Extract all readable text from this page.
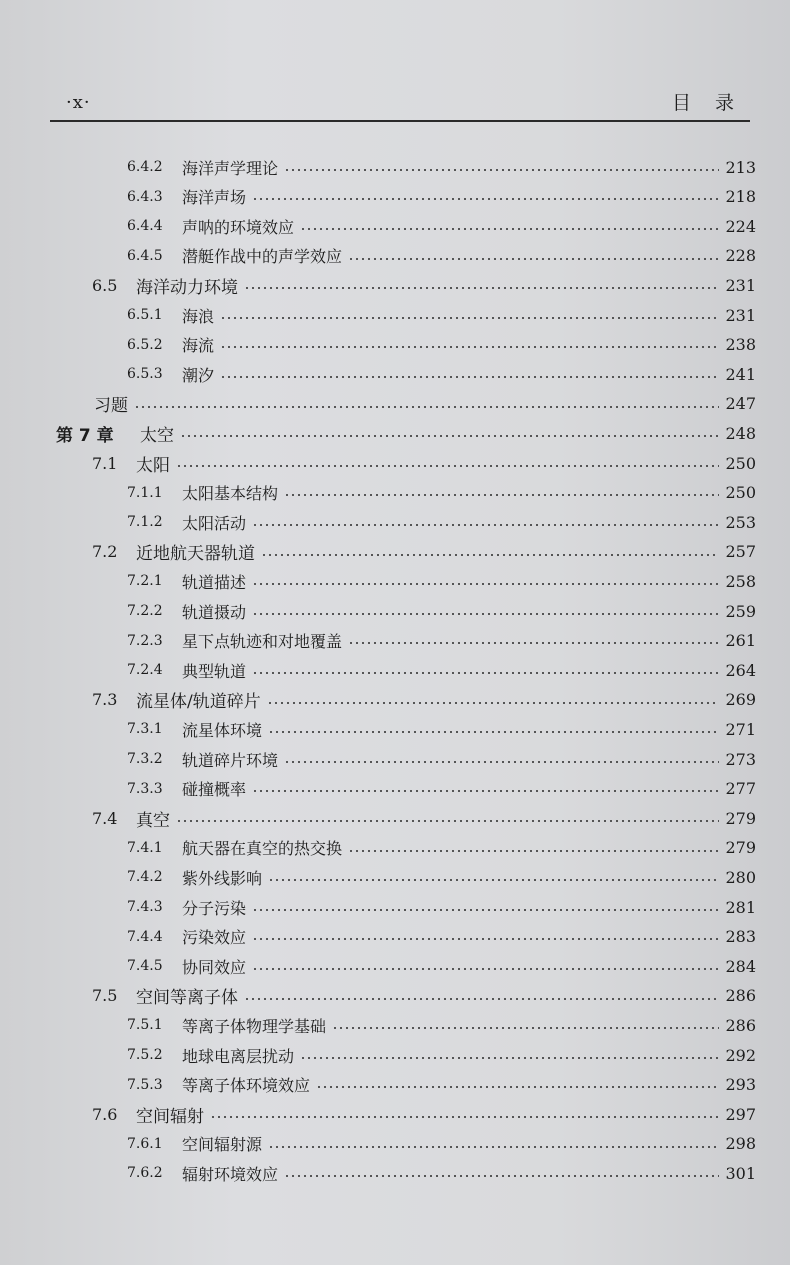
·x·	目录
6.4.2 海洋声学理论	213
6.4.3 海洋声场	218
6.4.4 声呐的环境效应	224
6.4.5 潜艇作战中的声学效应	228
6.5 海洋动力环境	231
6.5.1 海浪	231
6.5.2 海流	238
6.5.3 潮汐	241
习题	247
第 7 章 太空	248
7.1 太阳	250
7.1.1 太阳基本结构	250
7.1.2 太阳活动	253
7.2 近地航天器轨道	257
7.2.1 轨道描述	258
7.2.2 轨道摄动	259
7.2.3 星下点轨迹和对地覆盖	261
7.2.4 典型轨道	264
7.3 流星体/轨道碎片	269
7.3.1 流星体环境	271
7.3.2 轨道碎片环境	273
7.3.3 碰撞概率	277
7.4 真空	279
7.4.1 航天器在真空的热交换	279
7.4.2 紫外线影响	280
7.4.3 分子污染	281
7.4.4 污染效应	283
7.4.5 协同效应	284
7.5 空间等离子体	286
7.5.1 等离子体物理学基础	286
7.5.2 地球电离层扰动	292
7.5.3 等离子体环境效应	293
7.6 空间辐射	297
7.6.1 空间辐射源	298
7.6.2 辐射环境效应	301
